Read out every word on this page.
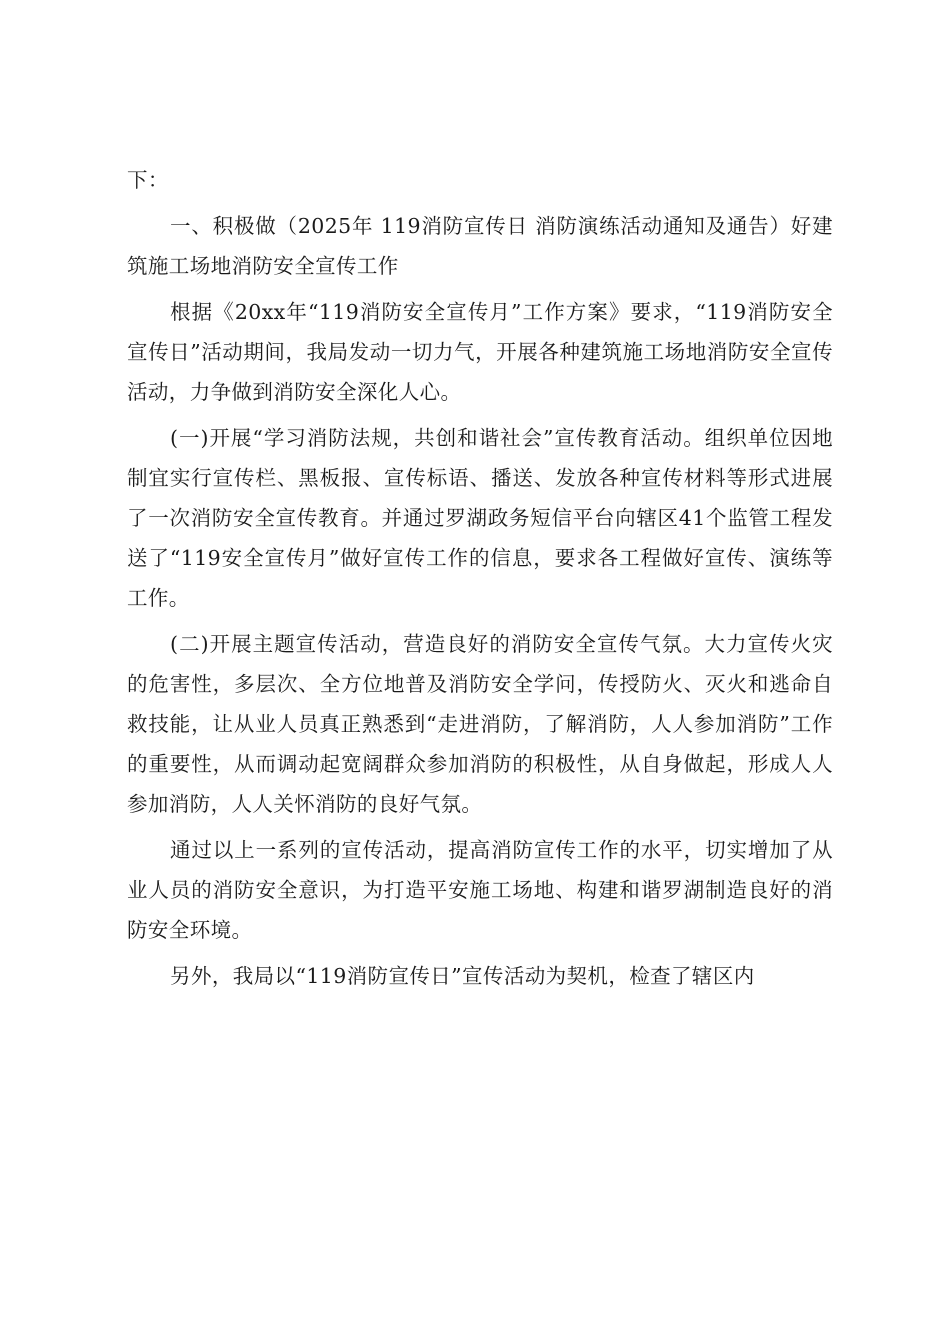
下：

一、积极做（2025年 119消防宣传日 消防演练活动通知及通告）好建筑施工场地消防安全宣传工作

根据《20xx年“119消防安全宣传月”工作方案》要求，“119消防安全宣传日”活动期间，我局发动一切力气，开展各种建筑施工场地消防安全宣传活动，力争做到消防安全深化人心。

(一)开展“学习消防法规，共创和谐社会”宣传教育活动。组织单位因地制宜实行宣传栏、黑板报、宣传标语、播送、发放各种宣传材料等形式进展了一次消防安全宣传教育。并通过罗湖政务短信平台向辖区41个监管工程发送了“119安全宣传月”做好宣传工作的信息，要求各工程做好宣传、演练等工作。

(二)开展主题宣传活动，营造良好的消防安全宣传气氛。大力宣传火灾的危害性，多层次、全方位地普及消防安全学问，传授防火、灭火和逃命自救技能，让从业人员真正熟悉到“走进消防，了解消防，人人参加消防”工作的重要性，从而调动起宽阔群众参加消防的积极性，从自身做起，形成人人参加消防，人人关怀消防的良好气氛。

通过以上一系列的宣传活动，提高消防宣传工作的水平，切实增加了从业人员的消防安全意识，为打造平安施工场地、构建和谐罗湖制造良好的消防安全环境。

另外，我局以“119消防宣传日”宣传活动为契机，检查了辖区内
